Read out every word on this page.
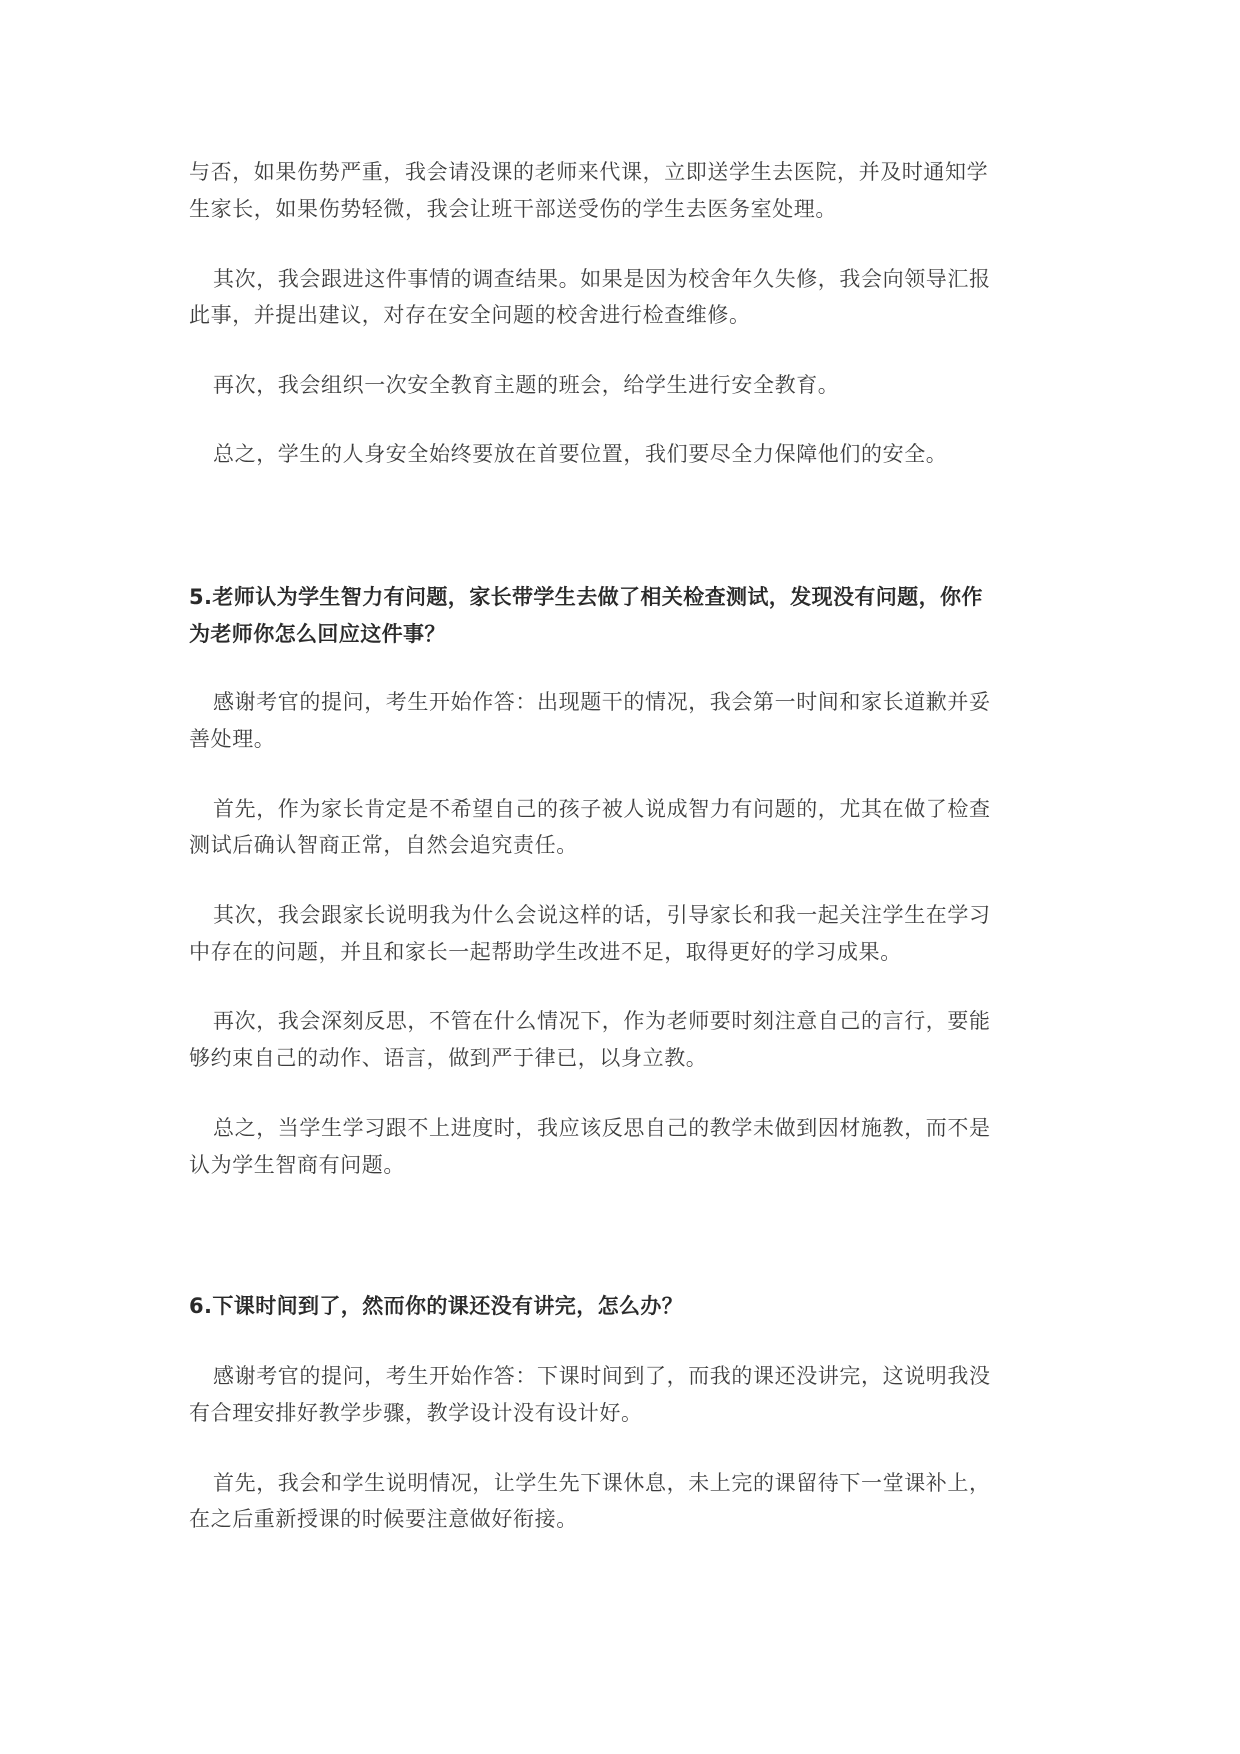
与否，如果伤势严重，我会请没课的老师来代课，立即送学生去医院，并及时通知学

生家长，如果伤势轻微，我会让班干部送受伤的学生去医务室处理。

其次，我会跟进这件事情的调查结果。如果是因为校舍年久失修，我会向领导汇报

此事，并提出建议，对存在安全问题的校舍进行检查维修。

再次，我会组织一次安全教育主题的班会，给学生进行安全教育。

总之，学生的人身安全始终要放在首要位置，我们要尽全力保障他们的安全。

5.老师认为学生智力有问题，家长带学生去做了相关检查测试，发现没有问题，你作

为老师你怎么回应这件事？

感谢考官的提问，考生开始作答：出现题干的情况，我会第一时间和家长道歉并妥

善处理。

首先，作为家长肯定是不希望自己的孩子被人说成智力有问题的，尤其在做了检查

测试后确认智商正常，自然会追究责任。

其次，我会跟家长说明我为什么会说这样的话，引导家长和我一起关注学生在学习

中存在的问题，并且和家长一起帮助学生改进不足，取得更好的学习成果。

再次，我会深刻反思，不管在什么情况下，作为老师要时刻注意自己的言行，要能

够约束自己的动作、语言，做到严于律已，以身立教。

总之，当学生学习跟不上进度时，我应该反思自己的教学未做到因材施教，而不是

认为学生智商有问题。

6.下课时间到了，然而你的课还没有讲完，怎么办？

感谢考官的提问，考生开始作答：下课时间到了，而我的课还没讲完，这说明我没

有合理安排好教学步骤，教学设计没有设计好。

首先，我会和学生说明情况，让学生先下课休息，未上完的课留待下一堂课补上，

在之后重新授课的时候要注意做好衔接。
